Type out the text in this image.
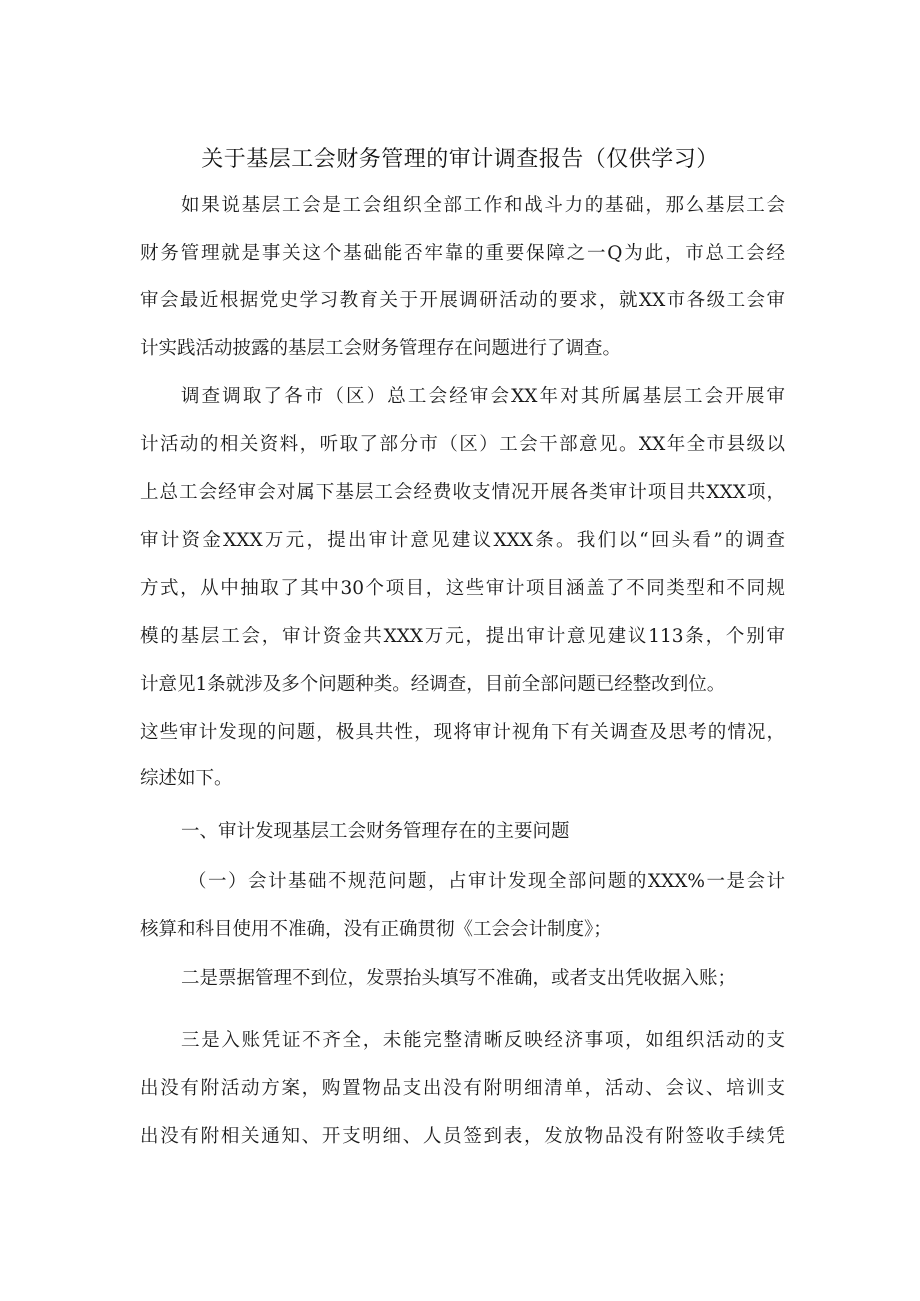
关于基层工会财务管理的审计调查报告（仅供学习）
如果说基层工会是工会组织全部工作和战斗力的基础，那么基层工会
财务管理就是事关这个基础能否牢靠的重要保障之一Q为此，市总工会经
审会最近根据党史学习教育关于开展调研活动的要求，就XX市各级工会审
计实践活动披露的基层工会财务管理存在问题进行了调查。
调查调取了各市（区）总工会经审会XX年对其所属基层工会开展审
计活动的相关资料，听取了部分市（区）工会干部意见。XX年全市县级以
上总工会经审会对属下基层工会经费收支情况开展各类审计项目共XXX项，
审计资金XXX万元，提出审计意见建议XXX条。我们以“回头看”的调查
方式，从中抽取了其中30个项目，这些审计项目涵盖了不同类型和不同规
模的基层工会，审计资金共XXX万元，提出审计意见建议113条，个别审
计意见1条就涉及多个问题种类。经调查，目前全部问题已经整改到位。
这些审计发现的问题，极具共性，现将审计视角下有关调查及思考的情况，
综述如下。
一、审计发现基层工会财务管理存在的主要问题
（一）会计基础不规范问题，占审计发现全部问题的XXX%一是会计
核算和科目使用不准确，没有正确贯彻《工会会计制度》；
二是票据管理不到位，发票抬头填写不准确，或者支出凭收据入账；
三是入账凭证不齐全，未能完整清晰反映经济事项，如组织活动的支
出没有附活动方案，购置物品支出没有附明细清单，活动、会议、培训支
出没有附相关通知、开支明细、人员签到表，发放物品没有附签收手续凭
